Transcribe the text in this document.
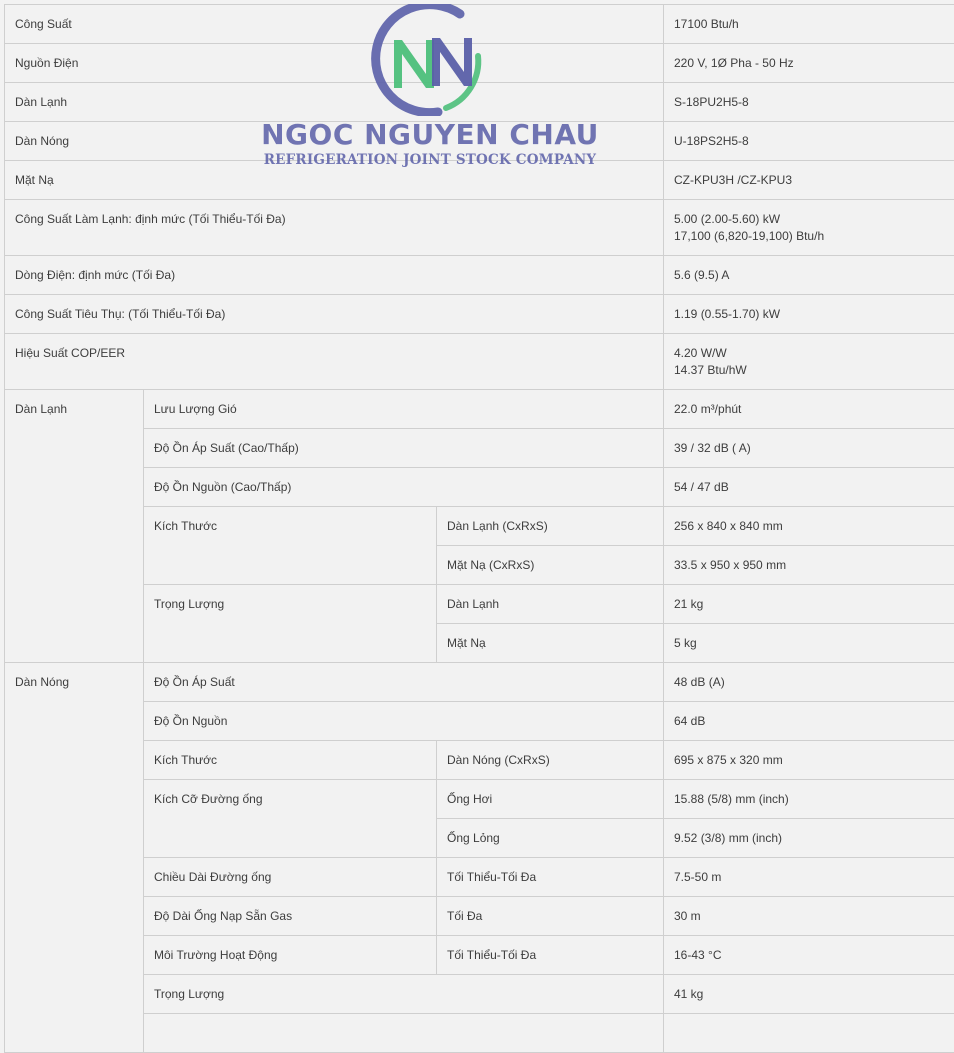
Công Suất			17100 Btu/h
Nguồn Điện			220 V, 1Ø Pha - 50 Hz
Dàn Lạnh			S-18PU2H5-8
Dàn Nóng			U-18PS2H5-8
Mặt Nạ			CZ-KPU3H /CZ-KPU3
Công Suất Làm Lạnh: định mức (Tối Thiểu-Tối Đa)			5.00 (2.00-5.60) kW
17,100 (6,820-19,100) Btu/h
Dòng Điện: định mức (Tối Đa)			5.6 (9.5) A
Công Suất Tiêu Thụ: (Tối Thiểu-Tối Đa)			1.19 (0.55-1.70) kW
Hiệu Suất COP/EER			4.20 W/W
14.37 Btu/hW
Dàn Lạnh	Lưu Lượng Gió		22.0 m³/phút
	Độ Ồn Áp Suất (Cao/Thấp)		39 / 32 dB ( A)
	Độ Ồn Nguồn (Cao/Thấp)		54 / 47 dB
	Kích Thước	Dàn Lạnh (CxRxS)	256 x 840 x 840 mm
		Mặt Nạ (CxRxS)	33.5 x 950 x 950 mm
	Trọng Lượng	Dàn Lạnh	21 kg
		Mặt Nạ	5 kg
Dàn Nóng	Độ Ồn Áp Suất		48 dB (A)
	Độ Ồn Nguồn		64 dB
	Kích Thước	Dàn Nóng (CxRxS)	695 x 875 x 320 mm
	Kích Cỡ Đường ống	Ống Hơi	15.88 (5/8) mm (inch)
		Ống Lỏng	9.52 (3/8) mm (inch)
	Chiều Dài Đường ống	Tối Thiểu-Tối Đa	7.5-50 m
	Độ Dài Ống Nạp Sẵn Gas	Tối Đa	30 m
	Môi Trường Hoạt Động	Tối Thiểu-Tối Đa	16-43 °C
	Trọng Lượng		41 kg

NGOC NGUYEN CHAU
REFRIGERATION JOINT STOCK COMPANY
